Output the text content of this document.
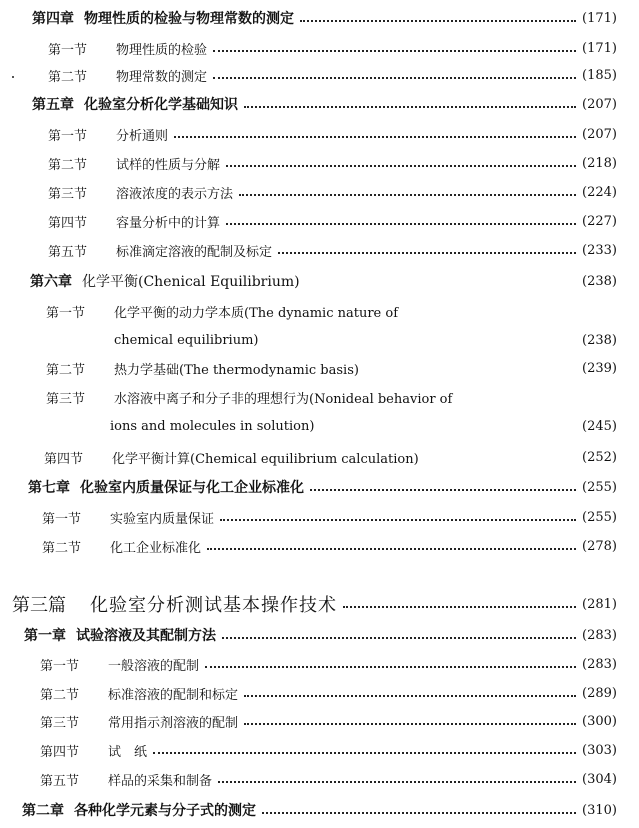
第四章 物理性质的检验与物理常数的测定	(171)
第一节	物理性质的检验	(171)
第二节	物理常数的测定	(185)
第五章 化验室分析化学基础知识	(207)
第一节	分析通则	(207)
第二节	试样的性质与分解	(218)
第三节	溶液浓度的表示方法	(224)
第四节	容量分析中的计算	(227)
第五节	标准滴定溶液的配制及标定	(233)
第六章 化学平衡(Chenical Equilibrium)	(238)
第一节	化学平衡的动力学本质(The dynamic nature of
chemical equilibrium)	(238)
第二节	热力学基础(The thermodynamic basis)	(239)
第三节	水溶液中离子和分子非的理想行为(Nonideal behavior of
ions and molecules in solution)	(245)
第四节	化学平衡计算(Chemical equilibrium calculation)	(252)
第七章 化验室内质量保证与化工企业标准化	(255)
第一节	实验室内质量保证	(255)
第二节	化工企业标准化	(278)
第三篇 化验室分析测试基本操作技术	(281)
第一章 试验溶液及其配制方法	(283)
第一节	一般溶液的配制	(283)
第二节	标准溶液的配制和标定	(289)
第三节	常用指示剂溶液的配制	(300)
第四节	试　纸	(303)
第五节	样品的采集和制备	(304)
第二章 各种化学元素与分子式的测定	(310)
